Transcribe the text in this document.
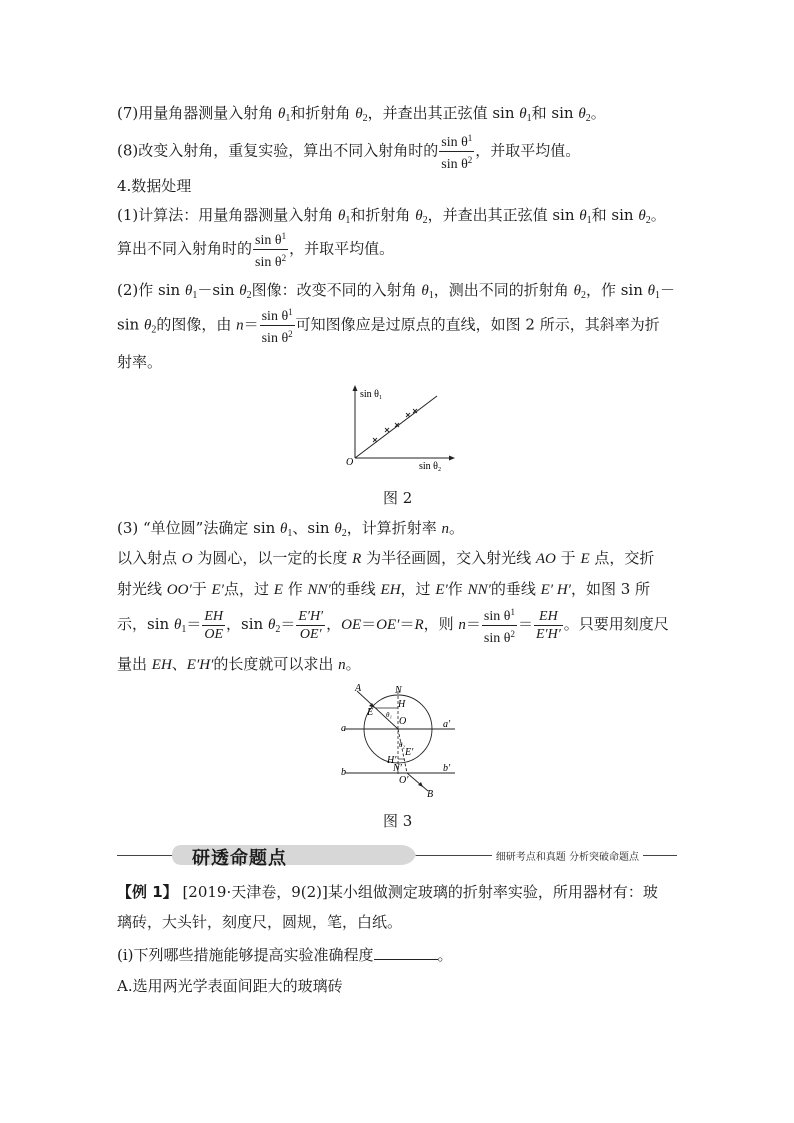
(7)用量角器测量入射角 $\theta_1$和折射角 $\theta_2$，并查出其正弦值 $\sin \theta_1$和 $\sin \theta_2$。
(8)改变入射角，重复实验，算出不同入射角时的 $\frac{\sin \theta^1}{\sin \theta^2}$ ，并取平均值。
4.数据处理
(1)计算法：用量角器测量入射角 $\theta_1$和折射角 $\theta_2$，并查出其正弦值 $\sin \theta_1$和 $\sin \theta_2$。
算出不同入射角时的 $\frac{\sin \theta^1}{\sin \theta^2}$ ，并取平均值。
(2)作 $\sin \theta_1-\sin$ $\theta_2$图像：改变不同的入射角 $\theta_1$，测出不同的折射角 $\theta_2$，作 $\sin \theta_1-$
$\sin \theta_2$的图像，由 $n= \frac{\sin \theta^1}{\sin \theta^2}$ 可知图像应是过原点的直线，如图 2 所示，其斜率为折
射率。
$\sin \theta_1$
$\sin \theta_2$
O
图 2
(3) “单位圆”法确定 $\sin \theta_1$、$\sin \theta_2$，计算折射率 n。
以入射点 O 为圆心，以一定的长度 R 为半径画圆，交入射光线 AO 于 E 点，交折
射光线 OO′于 E′点，过 E 作 NN′的垂线 EH，过 E′作 NN′的垂线 E′ H′，如图 3 所
示，$\sin \theta_1= \frac{EH}{OE}$ ，$\sin \theta_2= \frac{E'H'}{OE'}$ ，OE＝OE′＝R，则 $n= \frac{\sin \theta^1}{\sin \theta^2} = \frac{EH}{E'H'}$ 。只要用刻度尺
量出 EH、E′H′的长度就可以求出 n。
A	N
H
E θ₁
O
θ₂
a	a′
H′
E′
N′
O′
b	b′
B
图 3
研透命题点	细研考点和真题 分析突破命题点
【例 1】 [2019·天津卷，9(2)]某小组做测定玻璃的折射率实验，所用器材有：玻
璃砖，大头针，刻度尺，圆规，笔，白纸。
(ⅰ)下列哪些措施能够提高实验准确程度	。
A.选用两光学表面间距大的玻璃砖
